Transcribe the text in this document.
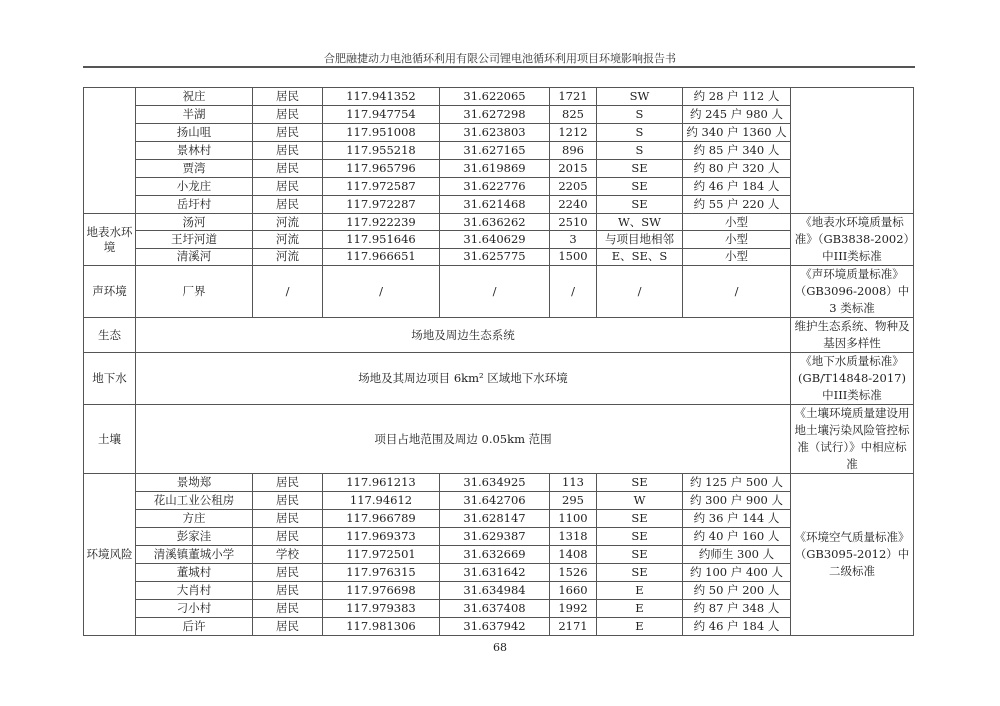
合肥融捷动力电池循环利用有限公司锂电池循环利用项目环境影响报告书
	祝庄	居民	117.941352	31.622065	1721	SW	约 28 户 112 人	
	半湖	居民	117.947754	31.627298	825	S	约 245 户 980 人	
	扬山咀	居民	117.951008	31.623803	1212	S	约 340 户 1360 人	
	景林村	居民	117.955218	31.627165	896	S	约 85 户 340 人	
	贾湾	居民	117.965796	31.619869	2015	SE	约 80 户 320 人	
	小龙庄	居民	117.972587	31.622776	2205	SE	约 46 户 184 人	
	岳圩村	居民	117.972287	31.621468	2240	SE	约 55 户 220 人	
地表水环境	汤河	河流	117.922239	31.636262	2510	W、SW	小型	《地表水环境质量标准》（GB3838-2002）中III类标准
	王圩河道	河流	117.951646	31.640629	3	与项目地相邻	小型	
	清溪河	河流	117.966651	31.625775	1500	E、SE、S	小型	
声环境	厂界	/	/	/	/	/	/	《声环境质量标准》（GB3096-2008）中 3 类标准
生态	场地及周边生态系统							维护生态系统、物种及基因多样性
地下水	场地及其周边项目 6km² 区域地下水环境							《地下水质量标准》(GB/T14848-2017)中III类标准
土壤	项目占地范围及周边 0.05km 范围							《土壤环境质量建设用地土壤污染风险管控标准（试行）》中相应标准
环境风险	景坳郑	居民	117.961213	31.634925	113	SE	约 125 户 500 人	《环境空气质量标准》（GB3095-2012）中二级标准
	花山工业公租房	居民	117.94612	31.642706	295	W	约 300 户 900 人	
	方庄	居民	117.966789	31.628147	1100	SE	约 36 户 144 人	
	彭家洼	居民	117.969373	31.629387	1318	SE	约 40 户 160 人	
	清溪镇董城小学	学校	117.972501	31.632669	1408	SE	约师生 300 人	
	董城村	居民	117.976315	31.631642	1526	SE	约 100 户 400 人	
	大肖村	居民	117.976698	31.634984	1660	E	约 50 户 200 人	
	刁小村	居民	117.979383	31.637408	1992	E	约 87 户 348 人	
	后许	居民	117.981306	31.637942	2171	E	约 46 户 184 人	
68
